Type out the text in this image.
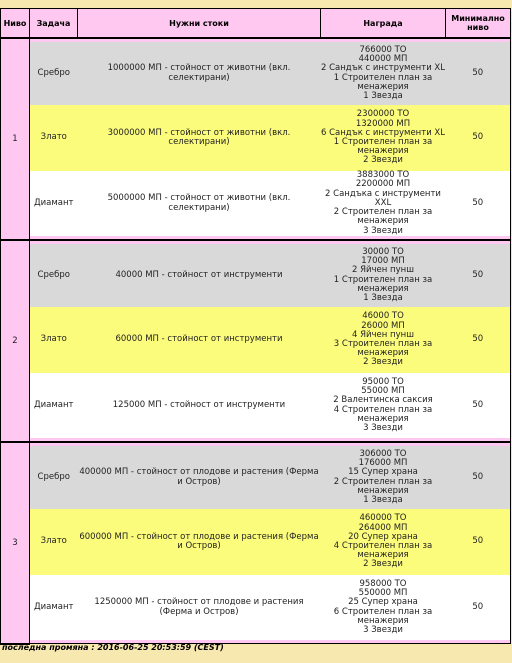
Ниво	Задача	Нужни стоки	Награда	Минимално ниво
1				
	Сребро	1000000 МП - стойност от животни (вкл. селектирани)	766000 ТО
440000 МП
2 Сандък с инструменти XL
1 Строителен план за менажерия
1 Звезда	50
	Злато	3000000 МП - стойност от животни (вкл. селектирани)	2300000 ТО
1320000 МП
6 Сандък с инструменти XL
1 Строителен план за менажерия
2 Звезди	50
	Диамант	5000000 МП - стойност от животни (вкл. селектирани)	3883000 ТО
2200000 МП
2 Сандъка с инструменти XXL
2 Строителен план за менажерия
3 Звезди	50

2				
	Сребро	40000 МП - стойност от инструменти	30000 ТО
17000 МП
2 Яйчен пунш
1 Строителен план за менажерия
1 Звезда	50
	Злато	60000 МП - стойност от инструменти	46000 ТО
26000 МП
4 Яйчен пунш
3 Строителен план за менажерия
2 Звезди	50
	Диамант	125000 МП - стойност от инструменти	95000 ТО
55000 МП
2 Валентинска саксия
4 Строителен план за менажерия
3 Звезди	50

3				
	Сребро	400000 МП - стойност от плодове и растения (Ферма и Остров)	306000 ТО
176000 МП
15 Супер храна
2 Строителен план за менажерия
1 Звезда	50
	Злато	600000 МП - стойност от плодове и растения (Ферма и Остров)	460000 ТО
264000 МП
20 Супер храна
4 Строителен план за менажерия
2 Звезди	50
	Диамант	1250000 МП - стойност от плодове и растения (Ферма и Остров)	958000 ТО
550000 МП
25 Супер храна
6 Строителен план за менажерия
3 Звезди	50

последна промяна : 2016-06-25 20:53:59 (CEST)
